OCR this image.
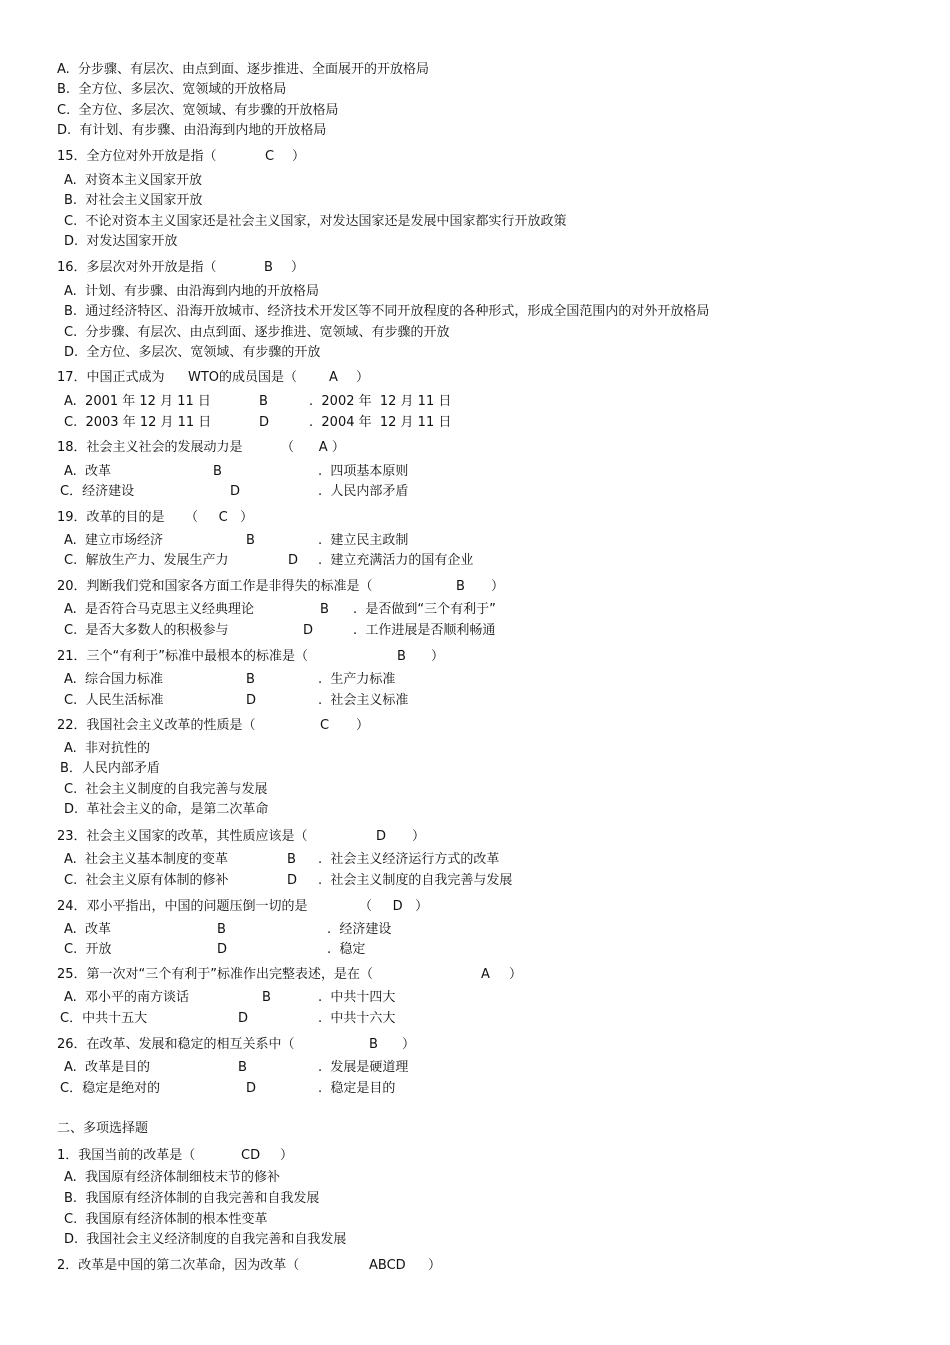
A.  分步骤、有层次、由点到面、逐步推进、全面展开的开放格局
B.  全方位、多层次、宽领域的开放格局
C.  全方位、多层次、宽领域、有步骤的开放格局
D.  有计划、有步骤、由沿海到内地的开放格局
15．全方位对外开放是指（	C ）
A.  对资本主义国家开放
B.  对社会主义国家开放
C.  不论对资本主义国家还是社会主义国家，对发达国家还是发展中国家都实行开放政策
D.  对发达国家开放
16．多层次对外开放是指（	B ）
A.  计划、有步骤、由沿海到内地的开放格局
B.  通过经济特区、沿海开放城市、经济技术开发区等不同开放程度的各种形式，形成全国范围内的对外开放格局
C.  分步骤、有层次、由点到面、逐步推进、宽领域、有步骤的开放
D.  全方位、多层次、宽领域、有步骤的开放
17．中国正式成为 WTO的成员国是（ A ）
A.  2001 年 12 月 11 日	B	.  2002 年  12 月 11 日
C.  2003 年 12 月 11 日	D	.  2004 年  12 月 11 日
18．社会主义社会的发展动力是	（      A ）
A.  改革	B	.  四项基本原则
C．经济建设	D	.  人民内部矛盾
19．改革的目的是 （     C   ）
A.  建立市场经济	B	.  建立民主政制
C.  解放生产力、发展生产力	D .  建立充满活力的国有企业
20．判断我们党和国家各方面工作是非得失的标准是（	B ）
A.  是否符合马克思主义经典理论	B .  是否做到“三个有利于”
C.  是否大多数人的积极参与	D	.  工作进展是否顺利畅通
21．三个“有利于”标准中最根本的标准是（	B ）
A.  综合国力标准	B	.  生产力标准
C.  人民生活标准	D	.  社会主义标准
22．我国社会主义改革的性质是（	C ）
A.  非对抗性的
B．人民内部矛盾
C.  社会主义制度的自我完善与发展
D.  革社会主义的命，是第二次革命
23．社会主义国家的改革，其性质应该是（	D ）
A.  社会主义基本制度的变革	B .  社会主义经济运行方式的改革
C.  社会主义原有体制的修补	D .  社会主义制度的自我完善与发展
24．邓小平指出，中国的问题压倒一切的是	（     D   ）
A.  改革	B	.  经济建设
C.  开放	D	.  稳定
25．第一次对“三个有利于”标准作出完整表述，是在（	A ）
A.  邓小平的南方谈话	B	.  中共十四大
C．中共十五大	D	.  中共十六大
26．在改革、发展和稳定的相互关系中（	B ）
A.  改革是目的	B	.  发展是硬道理
C．稳定是绝对的	D	.  稳定是目的
二、多项选择题
1．我国当前的改革是（	CD ）
A.  我国原有经济体制细枝末节的修补
B.  我国原有经济体制的自我完善和自我发展
C.  我国原有经济体制的根本性变革
D.  我国社会主义经济制度的自我完善和自我发展
2．改革是中国的第二次革命，因为改革（	ABCD ）
